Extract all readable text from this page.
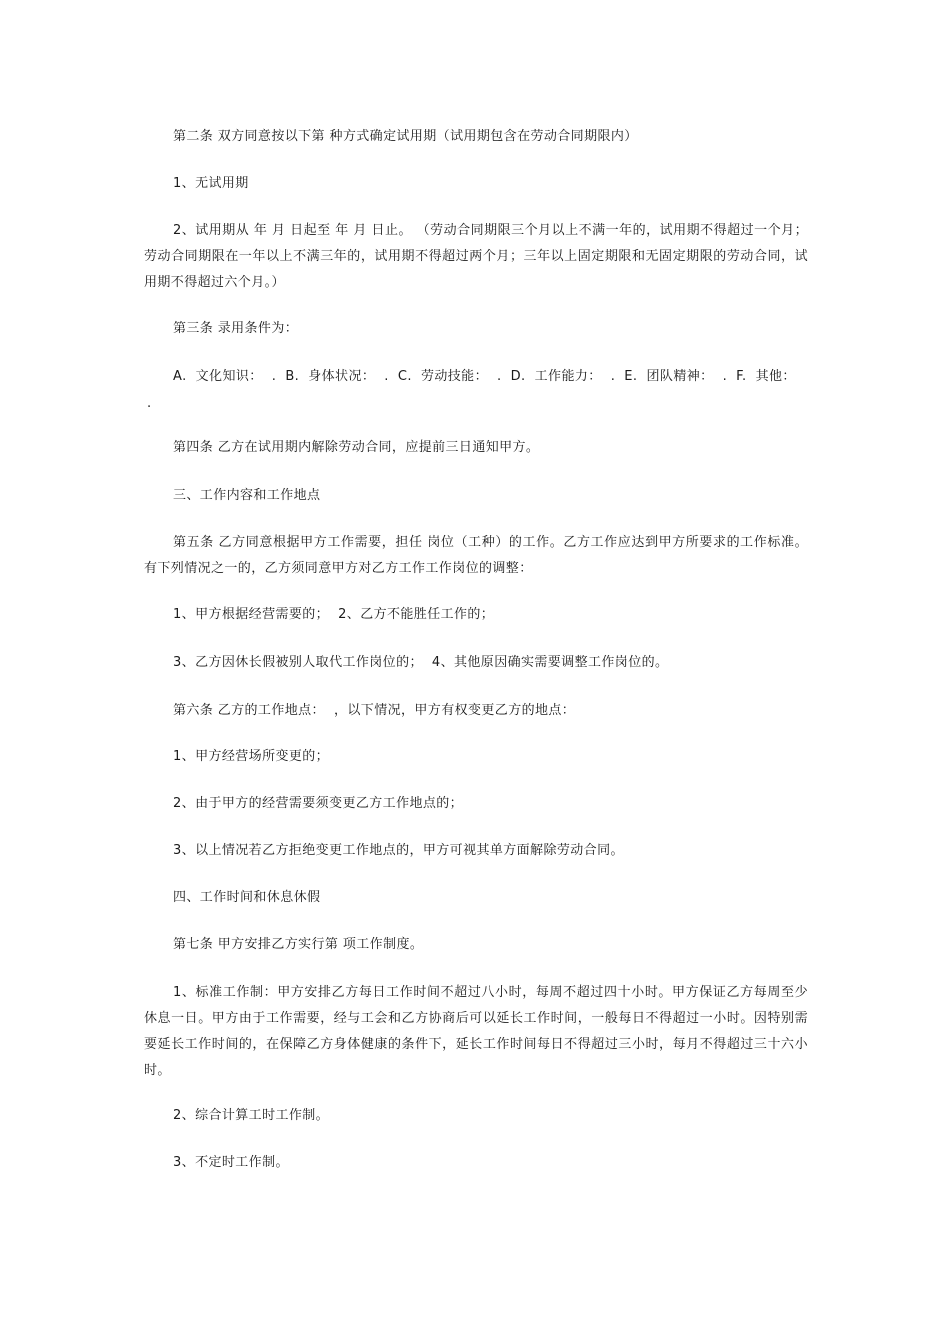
第二条 双方同意按以下第 种方式确定试用期（试用期包含在劳动合同期限内）
1、无试用期
2、试用期从 年 月 日起至 年 月 日止。 （劳动合同期限三个月以上不满一年的，试用期不得超过一个月；劳动合同期限在一年以上不满三年的，试用期不得超过两个月；三年以上固定期限和无固定期限的劳动合同，试用期不得超过六个月。）
第三条 录用条件为：
A.  文化知识：  .  B.  身体状况：  .  C.  劳动技能：  .  D.  工作能力：  .  E.  团队精神：  .  F.  其他：
.
第四条 乙方在试用期内解除劳动合同，应提前三日通知甲方。
三、工作内容和工作地点
第五条 乙方同意根据甲方工作需要，担任 岗位（工种）的工作。乙方工作应达到甲方所要求的工作标准。有下列情况之一的，乙方须同意甲方对乙方工作工作岗位的调整：
1、甲方根据经营需要的；  2、乙方不能胜任工作的；
3、乙方因休长假被别人取代工作岗位的；  4、其他原因确实需要调整工作岗位的。
第六条 乙方的工作地点：  ，以下情况，甲方有权变更乙方的地点：
1、甲方经营场所变更的；
2、由于甲方的经营需要须变更乙方工作地点的；
3、以上情况若乙方拒绝变更工作地点的，甲方可视其单方面解除劳动合同。
四、工作时间和休息休假
第七条 甲方安排乙方实行第 项工作制度。
1、标准工作制：甲方安排乙方每日工作时间不超过八小时，每周不超过四十小时。甲方保证乙方每周至少休息一日。甲方由于工作需要，经与工会和乙方协商后可以延长工作时间，一般每日不得超过一小时。因特别需要延长工作时间的，在保障乙方身体健康的条件下，延长工作时间每日不得超过三小时，每月不得超过三十六小时。
2、综合计算工时工作制。
3、不定时工作制。
